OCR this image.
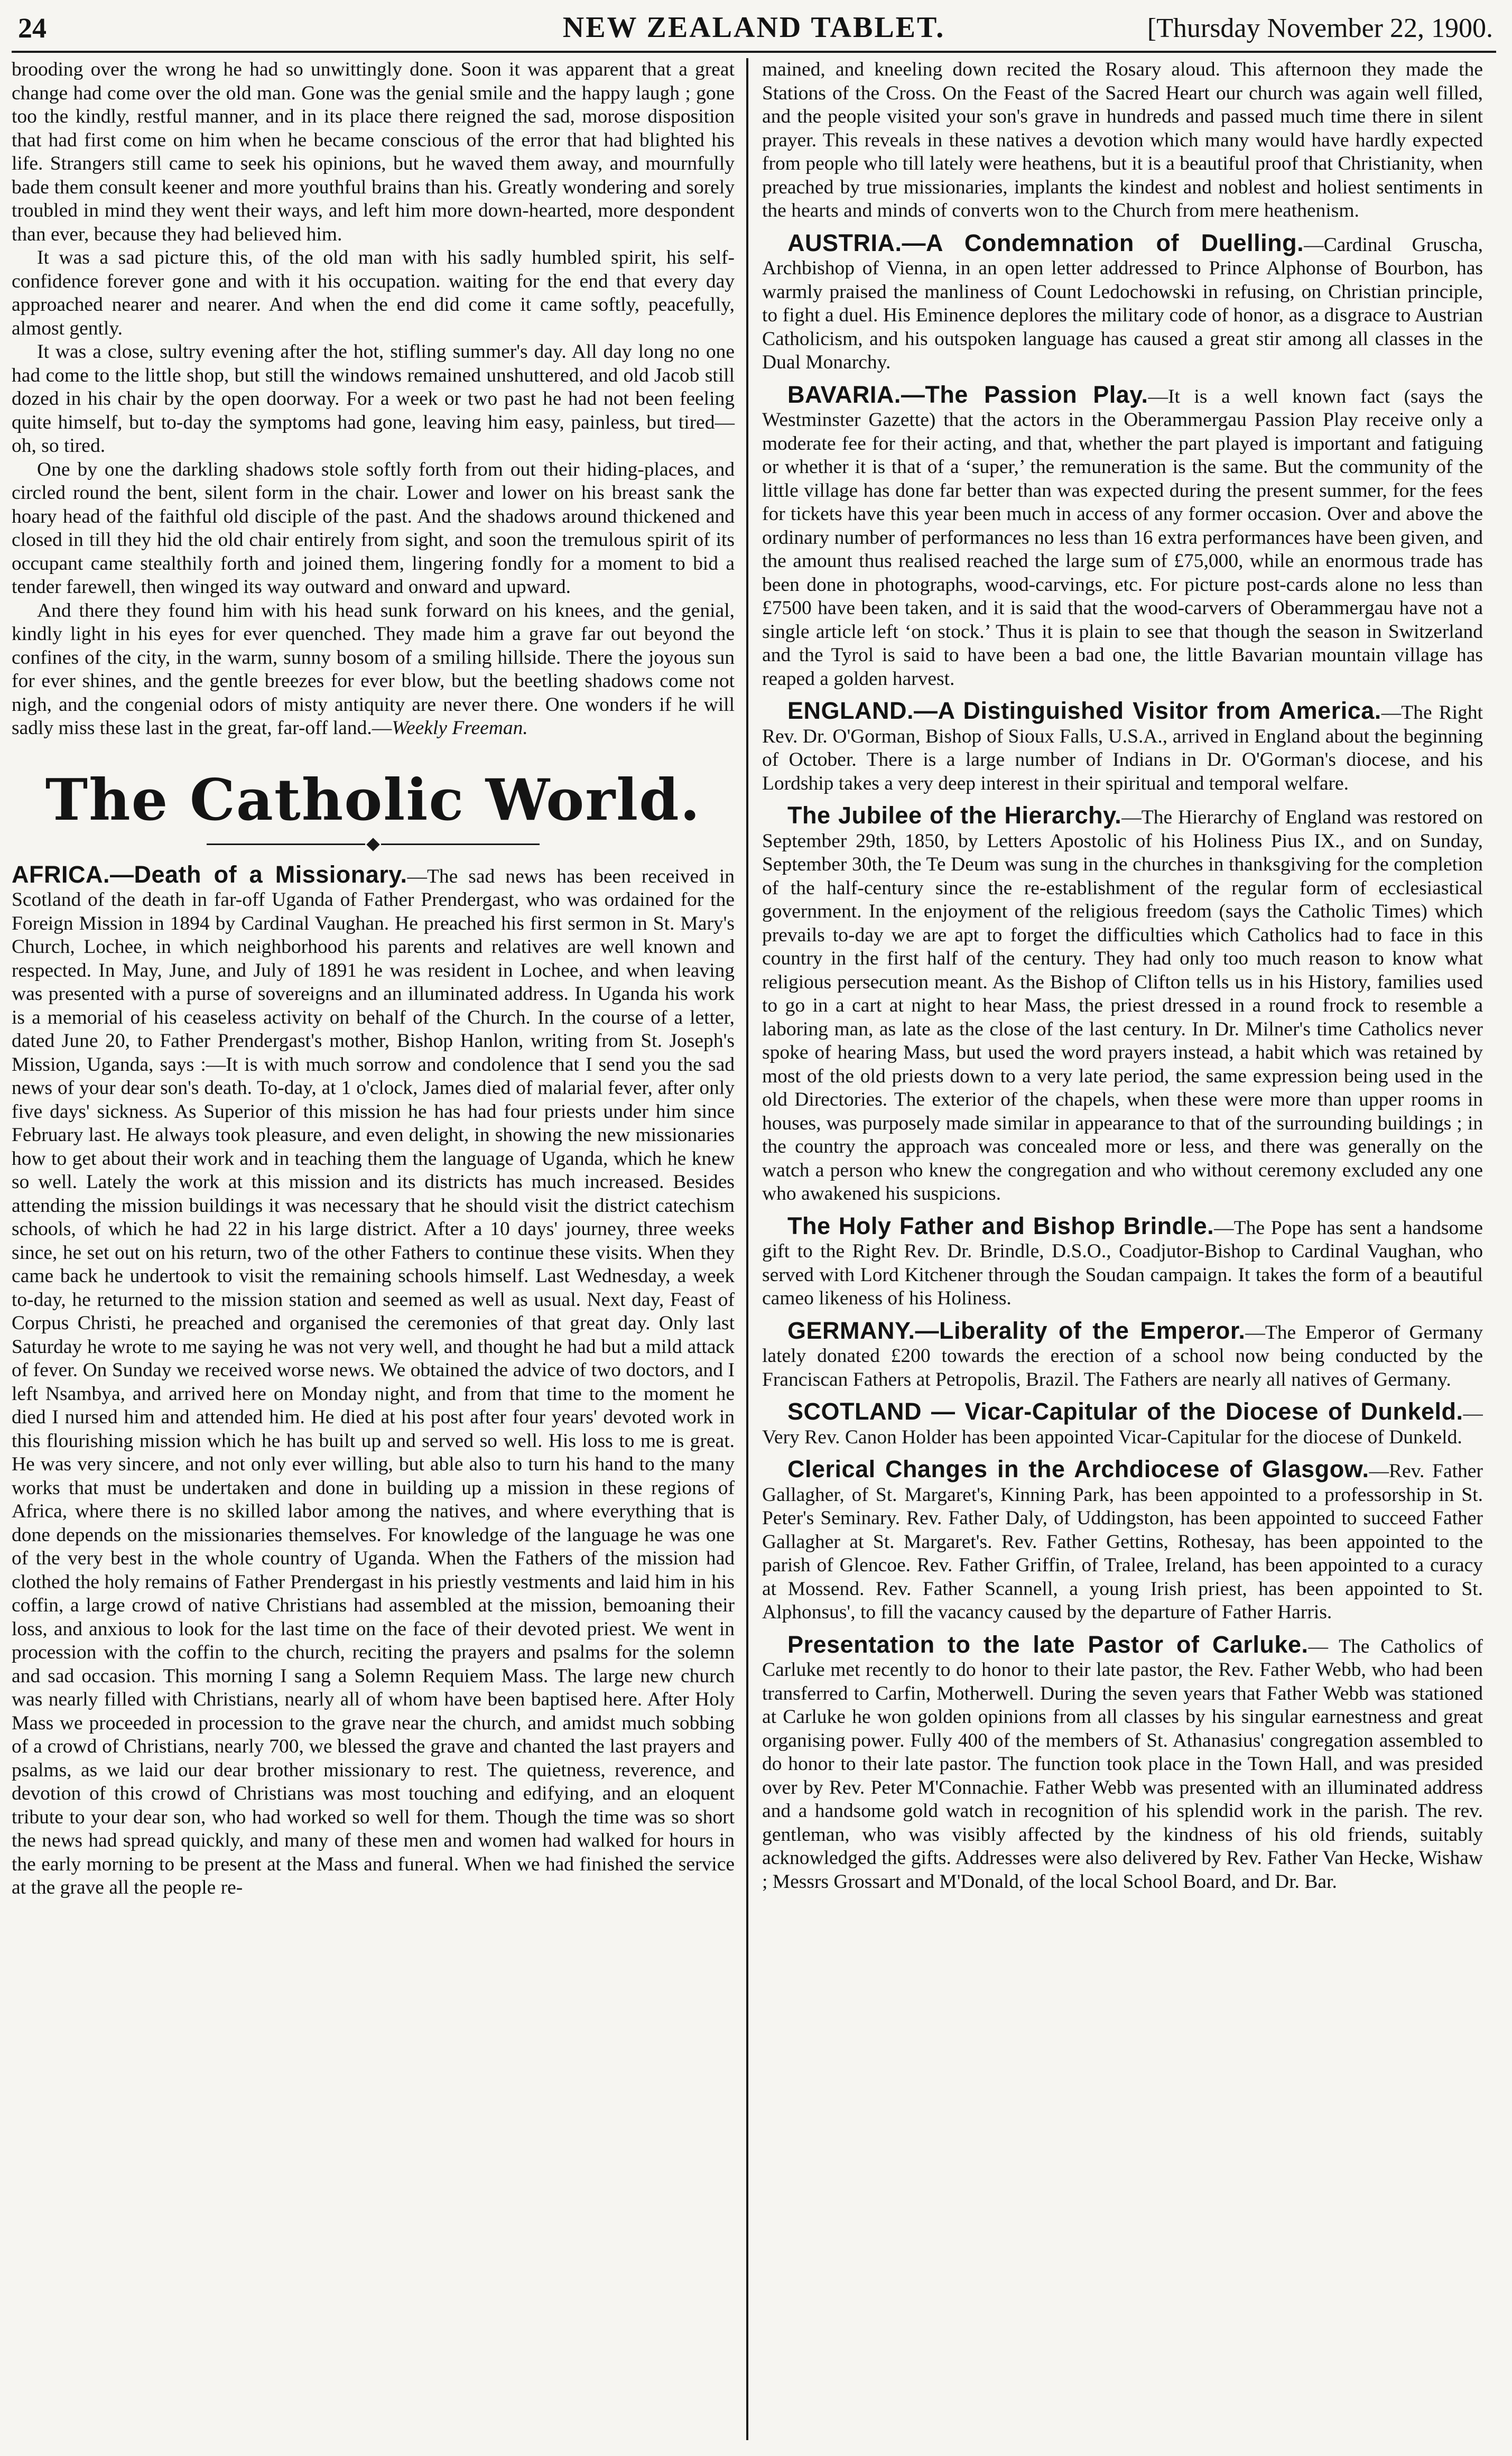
24	NEW ZEALAND TABLET.	[Thursday November 22, 1900.

brooding over the wrong he had so unwittingly done. Soon it was apparent that a great change had come over the old man. Gone was the genial smile and the happy laugh ; gone too the kindly, restful manner, and in its place there reigned the sad, morose disposition that had first come on him when he became conscious of the error that had blighted his life. Strangers still came to seek his opinions, but he waved them away, and mournfully bade them consult keener and more youthful brains than his. Greatly wondering and sorely troubled in mind they went their ways, and left him more down-hearted, more despondent than ever, because they had believed him.

It was a sad picture this, of the old man with his sadly humbled spirit, his self-confidence forever gone and with it his occupation. waiting for the end that every day approached nearer and nearer. And when the end did come it came softly, peacefully, almost gently.

It was a close, sultry evening after the hot, stifling summer's day. All day long no one had come to the little shop, but still the windows remained unshuttered, and old Jacob still dozed in his chair by the open doorway. For a week or two past he had not been feeling quite himself, but to-day the symptoms had gone, leaving him easy, painless, but tired—oh, so tired.

One by one the darkling shadows stole softly forth from out their hiding-places, and circled round the bent, silent form in the chair. Lower and lower on his breast sank the hoary head of the faithful old disciple of the past. And the shadows around thickened and closed in till they hid the old chair entirely from sight, and soon the tremulous spirit of its occupant came stealthily forth and joined them, lingering fondly for a moment to bid a tender farewell, then winged its way outward and onward and upward.

And there they found him with his head sunk forward on his knees, and the genial, kindly light in his eyes for ever quenched. They made him a grave far out beyond the confines of the city, in the warm, sunny bosom of a smiling hillside. There the joyous sun for ever shines, and the gentle breezes for ever blow, but the beetling shadows come not nigh, and the congenial odors of misty antiquity are never there. One wonders if he will sadly miss these last in the great, far-off land.—Weekly Freeman.

The Catholic World.

AFRICA.—Death of a Missionary.—The sad news has been received in Scotland of the death in far-off Uganda of Father Prendergast, who was ordained for the Foreign Mission in 1894 by Cardinal Vaughan. He preached his first sermon in St. Mary's Church, Lochee, in which neighborhood his parents and relatives are well known and respected. In May, June, and July of 1891 he was resident in Lochee, and when leaving was presented with a purse of sovereigns and an illuminated address. In Uganda his work is a memorial of his ceaseless activity on behalf of the Church. In the course of a letter, dated June 20, to Father Prendergast's mother, Bishop Hanlon, writing from St. Joseph's Mission, Uganda, says :—It is with much sorrow and condolence that I send you the sad news of your dear son's death. To-day, at 1 o'clock, James died of malarial fever, after only five days' sickness. As Superior of this mission he has had four priests under him since February last. He always took pleasure, and even delight, in showing the new missionaries how to get about their work and in teaching them the language of Uganda, which he knew so well. Lately the work at this mission and its districts has much increased. Besides attending the mission buildings it was necessary that he should visit the district catechism schools, of which he had 22 in his large district. After a 10 days' journey, three weeks since, he set out on his return, two of the other Fathers to continue these visits. When they came back he undertook to visit the remaining schools himself. Last Wednesday, a week to-day, he returned to the mission station and seemed as well as usual. Next day, Feast of Corpus Christi, he preached and organised the ceremonies of that great day. Only last Saturday he wrote to me saying he was not very well, and thought he had but a mild attack of fever. On Sunday we received worse news. We obtained the advice of two doctors, and I left Nsambya, and arrived here on Monday night, and from that time to the moment he died I nursed him and attended him. He died at his post after four years' devoted work in this flourishing mission which he has built up and served so well. His loss to me is great. He was very sincere, and not only ever willing, but able also to turn his hand to the many works that must be undertaken and done in building up a mission in these regions of Africa, where there is no skilled labor among the natives, and where everything that is done depends on the missionaries themselves. For knowledge of the language he was one of the very best in the whole country of Uganda. When the Fathers of the mission had clothed the holy remains of Father Prendergast in his priestly vestments and laid him in his coffin, a large crowd of native Christians had assembled at the mission, bemoaning their loss, and anxious to look for the last time on the face of their devoted priest. We went in procession with the coffin to the church, reciting the prayers and psalms for the solemn and sad occasion. This morning I sang a Solemn Requiem Mass. The large new church was nearly filled with Christians, nearly all of whom have been baptised here. After Holy Mass we proceeded in procession to the grave near the church, and amidst much sobbing of a crowd of Christians, nearly 700, we blessed the grave and chanted the last prayers and psalms, as we laid our dear brother missionary to rest. The quietness, reverence, and devotion of this crowd of Christians was most touching and edifying, and an eloquent tribute to your dear son, who had worked so well for them. Though the time was so short the news had spread quickly, and many of these men and women had walked for hours in the early morning to be present at the Mass and funeral. When we had finished the service at the grave all the people re-

mained, and kneeling down recited the Rosary aloud. This afternoon they made the Stations of the Cross. On the Feast of the Sacred Heart our church was again well filled, and the people visited your son's grave in hundreds and passed much time there in silent prayer. This reveals in these natives a devotion which many would have hardly expected from people who till lately were heathens, but it is a beautiful proof that Christianity, when preached by true missionaries, implants the kindest and noblest and holiest sentiments in the hearts and minds of converts won to the Church from mere heathenism.

AUSTRIA.—A Condemnation of Duelling.—Cardinal Gruscha, Archbishop of Vienna, in an open letter addressed to Prince Alphonse of Bourbon, has warmly praised the manliness of Count Ledochowski in refusing, on Christian principle, to fight a duel. His Eminence deplores the military code of honor, as a disgrace to Austrian Catholicism, and his outspoken language has caused a great stir among all classes in the Dual Monarchy.

BAVARIA.—The Passion Play.—It is a well known fact (says the Westminster Gazette) that the actors in the Oberammergau Passion Play receive only a moderate fee for their acting, and that, whether the part played is important and fatiguing or whether it is that of a ‘super,’ the remuneration is the same. But the community of the little village has done far better than was expected during the present summer, for the fees for tickets have this year been much in access of any former occasion. Over and above the ordinary number of performances no less than 16 extra performances have been given, and the amount thus realised reached the large sum of £75,000, while an enormous trade has been done in photographs, wood-carvings, etc. For picture post-cards alone no less than £7500 have been taken, and it is said that the wood-carvers of Oberammergau have not a single article left ‘on stock.’ Thus it is plain to see that though the season in Switzerland and the Tyrol is said to have been a bad one, the little Bavarian mountain village has reaped a golden harvest.

ENGLAND.—A Distinguished Visitor from America.—The Right Rev. Dr. O'Gorman, Bishop of Sioux Falls, U.S.A., arrived in England about the beginning of October. There is a large number of Indians in Dr. O'Gorman's diocese, and his Lordship takes a very deep interest in their spiritual and temporal welfare.

The Jubilee of the Hierarchy.—The Hierarchy of England was restored on September 29th, 1850, by Letters Apostolic of his Holiness Pius IX., and on Sunday, September 30th, the Te Deum was sung in the churches in thanksgiving for the completion of the half-century since the re-establishment of the regular form of ecclesiastical government. In the enjoyment of the religious freedom (says the Catholic Times) which prevails to-day we are apt to forget the difficulties which Catholics had to face in this country in the first half of the century. They had only too much reason to know what religious persecution meant. As the Bishop of Clifton tells us in his History, families used to go in a cart at night to hear Mass, the priest dressed in a round frock to resemble a laboring man, as late as the close of the last century. In Dr. Milner's time Catholics never spoke of hearing Mass, but used the word prayers instead, a habit which was retained by most of the old priests down to a very late period, the same expression being used in the old Directories. The exterior of the chapels, when these were more than upper rooms in houses, was purposely made similar in appearance to that of the surrounding buildings ; in the country the approach was concealed more or less, and there was generally on the watch a person who knew the congregation and who without ceremony excluded any one who awakened his suspicions.

The Holy Father and Bishop Brindle.—The Pope has sent a handsome gift to the Right Rev. Dr. Brindle, D.S.O., Coadjutor-Bishop to Cardinal Vaughan, who served with Lord Kitchener through the Soudan campaign. It takes the form of a beautiful cameo likeness of his Holiness.

GERMANY.—Liberality of the Emperor.—The Emperor of Germany lately donated £200 towards the erection of a school now being conducted by the Franciscan Fathers at Petropolis, Brazil. The Fathers are nearly all natives of Germany.

SCOTLAND — Vicar-Capitular of the Diocese of Dunkeld.—Very Rev. Canon Holder has been appointed Vicar-Capitular for the diocese of Dunkeld.

Clerical Changes in the Archdiocese of Glasgow.—Rev. Father Gallagher, of St. Margaret's, Kinning Park, has been appointed to a professorship in St. Peter's Seminary. Rev. Father Daly, of Uddingston, has been appointed to succeed Father Gallagher at St. Margaret's. Rev. Father Gettins, Rothesay, has been appointed to the parish of Glencoe. Rev. Father Griffin, of Tralee, Ireland, has been appointed to a curacy at Mossend. Rev. Father Scannell, a young Irish priest, has been appointed to St. Alphonsus', to fill the vacancy caused by the departure of Father Harris.

Presentation to the late Pastor of Carluke.— The Catholics of Carluke met recently to do honor to their late pastor, the Rev. Father Webb, who had been transferred to Carfin, Motherwell. During the seven years that Father Webb was stationed at Carluke he won golden opinions from all classes by his singular earnestness and great organising power. Fully 400 of the members of St. Athanasius' congregation assembled to do honor to their late pastor. The function took place in the Town Hall, and was presided over by Rev. Peter M'Connachie. Father Webb was presented with an illuminated address and a handsome gold watch in recognition of his splendid work in the parish. The rev. gentleman, who was visibly affected by the kindness of his old friends, suitably acknowledged the gifts. Addresses were also delivered by Rev. Father Van Hecke, Wishaw ; Messrs Grossart and M'Donald, of the local School Board, and Dr. Bar.
